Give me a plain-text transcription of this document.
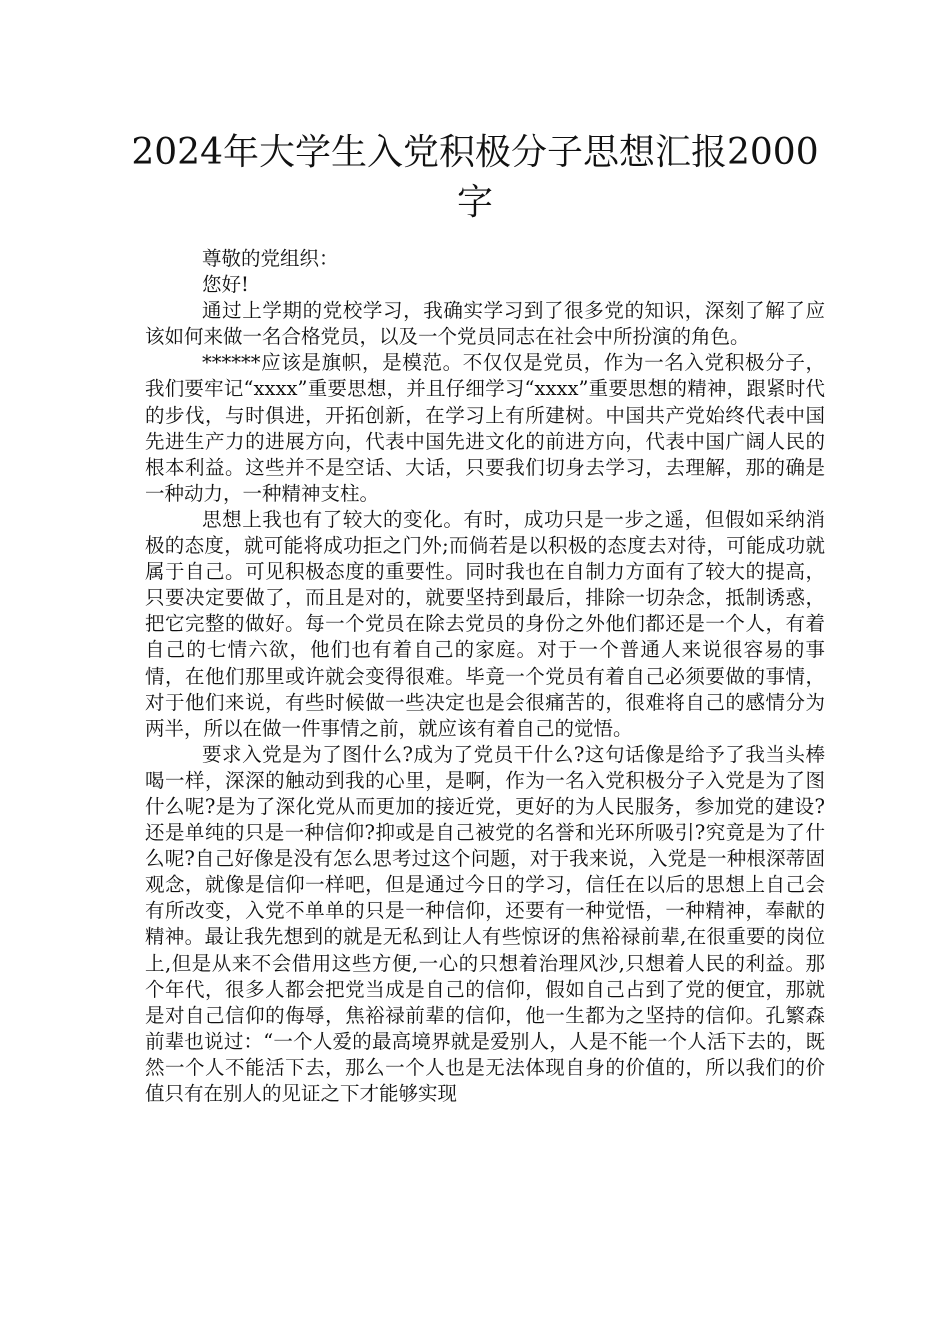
2024年大学生入党积极分子思想汇报2000字

尊敬的党组织：

您好!

通过上学期的党校学习，我确实学习到了很多党的知识，深刻了解了应该如何来做一名合格党员，以及一个党员同志在社会中所扮演的角色。

******应该是旗帜，是模范。不仅仅是党员，作为一名入党积极分子，我们要牢记“xxxx”重要思想，并且仔细学习“xxxx”重要思想的精神，跟紧时代的步伐，与时俱进，开拓创新，在学习上有所建树。中国共产党始终代表中国先进生产力的进展方向，代表中国先进文化的前进方向，代表中国广阔人民的根本利益。这些并不是空话、大话，只要我们切身去学习，去理解，那的确是一种动力，一种精神支柱。

思想上我也有了较大的变化。有时，成功只是一步之遥，但假如采纳消极的态度，就可能将成功拒之门外;而倘若是以积极的态度去对待，可能成功就属于自己。可见积极态度的重要性。同时我也在自制力方面有了较大的提高，只要决定要做了，而且是对的，就要坚持到最后，排除一切杂念，抵制诱惑，把它完整的做好。每一个党员在除去党员的身份之外他们都还是一个人，有着自己的七情六欲，他们也有着自己的家庭。对于一个普通人来说很容易的事情，在他们那里或许就会变得很难。毕竟一个党员有着自己必须要做的事情，对于他们来说，有些时候做一些决定也是会很痛苦的，很难将自己的感情分为两半，所以在做一件事情之前，就应该有着自己的觉悟。

要求入党是为了图什么?成为了党员干什么?这句话像是给予了我当头棒喝一样，深深的触动到我的心里，是啊，作为一名入党积极分子入党是为了图什么呢?是为了深化党从而更加的接近党，更好的为人民服务，参加党的建设?还是单纯的只是一种信仰?抑或是自己被党的名誉和光环所吸引?究竟是为了什么呢?自己好像是没有怎么思考过这个问题，对于我来说，入党是一种根深蒂固观念，就像是信仰一样吧，但是通过今日的学习，信任在以后的思想上自己会有所改变，入党不单单的只是一种信仰，还要有一种觉悟，一种精神，奉献的精神。最让我先想到的就是无私到让人有些惊讶的焦裕禄前辈,在很重要的岗位上,但是从来不会借用这些方便,一心的只想着治理风沙,只想着人民的利益。那个年代，很多人都会把党当成是自己的信仰，假如自己占到了党的便宜，那就是对自己信仰的侮辱，焦裕禄前辈的信仰，他一生都为之坚持的信仰。孔繁森前辈也说过：“一个人爱的最高境界就是爱别人，人是不能一个人活下去的，既然一个人不能活下去，那么一个人也是无法体现自身的价值的，所以我们的价值只有在别人的见证之下才能够实现
